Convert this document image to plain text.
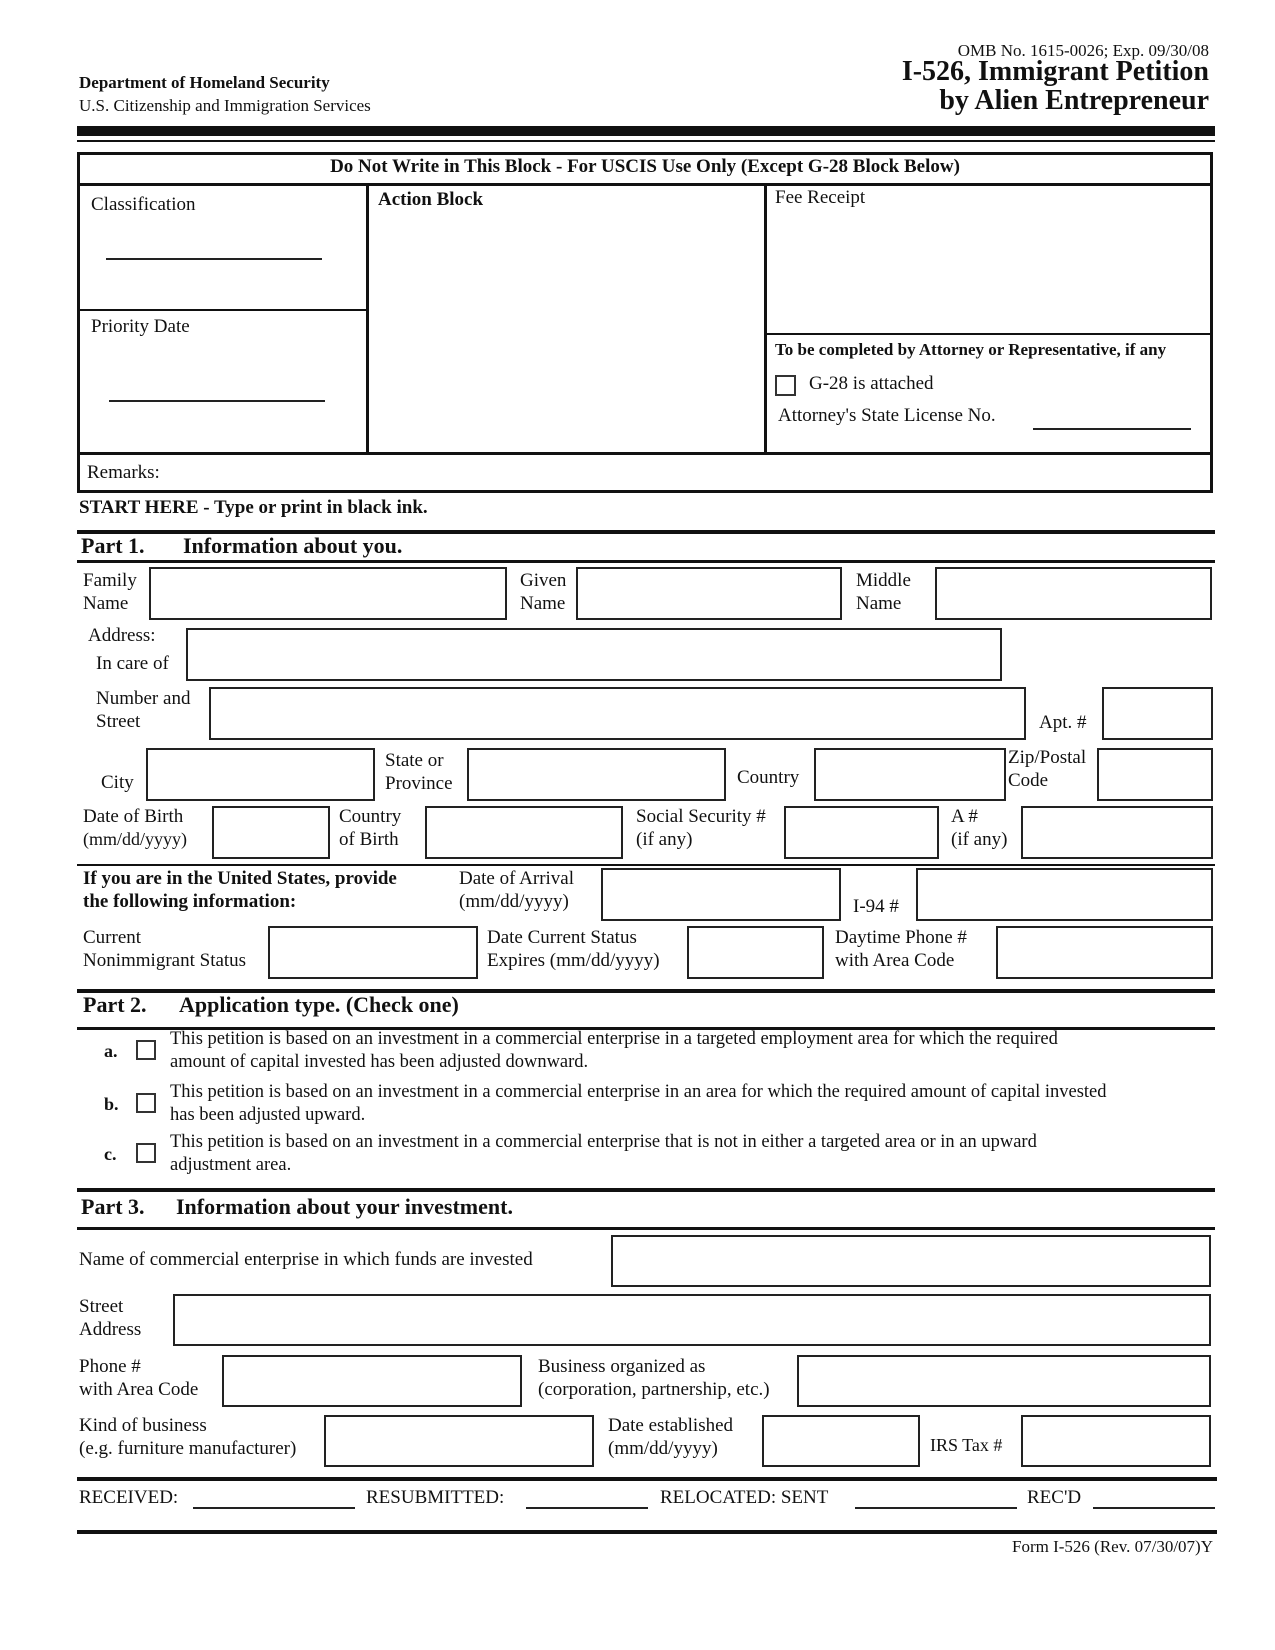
Department of Homeland Security
U.S. Citizenship and Immigration Services
OMB No. 1615-0026; Exp. 09/30/08
I-526, Immigrant Petition
by Alien Entrepreneur
Do Not Write in This Block - For USCIS Use Only (Except G-28 Block Below)
Classification
Priority Date
Action Block	Fee Receipt
To be completed by Attorney or Representative, if any
G-28 is attached
Attorney's State License No.
Remarks:
START HERE - Type or print in black ink.
Part 1. Information about you.
Family
Name
Given
Name
Middle
Name
Address:
In care of
Number and
Street	Apt. #
City
State or
Province	Country
Zip/Postal
Code
Date of Birth
(mm/dd/yyyy)
Country
of Birth
Social Security #
(if any)
A #
(if any)
If you are in the United States, provide
the following information:
Date of Arrival
(mm/dd/yyyy)	I-94 #
Current
Nonimmigrant Status
Date Current Status
Expires (mm/dd/yyyy)
Daytime Phone #
with Area Code
Part 2. Application type. (Check one)
a.
This petition is based on an investment in a commercial enterprise in a targeted employment area for which the required
amount of capital invested has been adjusted downward.
b.
This petition is based on an investment in a commercial enterprise in an area for which the required amount of capital invested
has been adjusted upward.
c.
This petition is based on an investment in a commercial enterprise that is not in either a targeted area or in an upward
adjustment area.
Part 3. Information about your investment.
Name of commercial enterprise in which funds are invested
Street
Address
Phone #
with Area Code
Business organized as
(corporation, partnership, etc.)
Kind of business
(e.g. furniture manufacturer)
Date established
(mm/dd/yyyy)	IRS Tax #
RECEIVED:	RESUBMITTED:	RELOCATED: SENT	REC'D
Form I-526 (Rev. 07/30/07)Y
